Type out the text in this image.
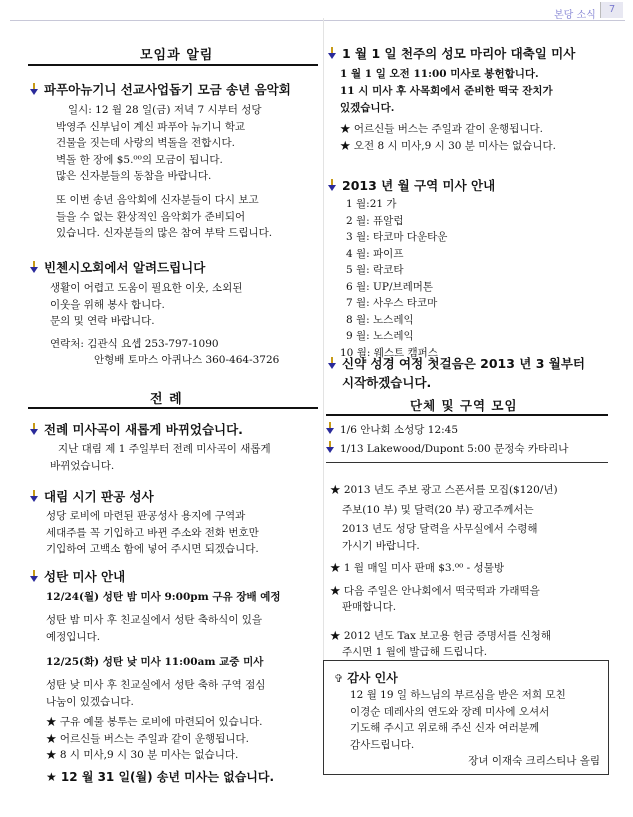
본당 소식
7
모임과 알림
파푸아뉴기니 선교사업돕기 모금 송년 음악회
일시: 12 월 28 일(금) 저녁 7 시부터 성당
박영주 신부님이 계신 파푸아 뉴기니 학교
건물을 짓는데 사랑의 벽돌을 전합시다.
벽돌 한 장에 $5.⁰⁰의 모금이 됩니다.
많은 신자분들의 동참을 바랍니다.
또 이번 송년 음악회에 신자분들이 다시 보고
들을 수 없는 환상적인 음악회가 준비되어
있습니다. 신자분들의 많은 참여 부탁 드립니다.
빈첸시오회에서 알려드립니다
생활이 어렵고 도움이 필요한 이웃, 소외된
이웃을 위해 봉사 합니다.
문의 및 연락 바랍니다.
연락처: 김관식 요셉 253-797-1090
안형배 토마스 아퀴나스 360-464-3726
전 례
전례 미사곡이 새롭게 바뀌었습니다.
지난 대림 제 1 주일부터 전례 미사곡이 새롭게
바뀌었습니다.
대림 시기 판공 성사
성당 로비에 마련된 판공성사 용지에 구역과
세대주를 꼭 기입하고 바뀐 주소와 전화 번호만
기입하여 고백소 함에 넣어 주시면 되겠습니다.
성탄 미사 안내
12/24(월) 성탄 밤 미사 9:00pm 구유 장배 예정
성탄 밤 미사 후 친교실에서 성탄 축하식이 있을
예정입니다.
12/25(화) 성탄 낮 미사 11:00am 교중 미사
성탄 낮 미사 후 친교실에서 성탄 축하 구역 점심
나눔이 있겠습니다.
★ 구유 예물 봉투는 로비에 마련되어 있습니다.
★ 어르신들 버스는 주일과 같이 운행됩니다.
★ 8 시 미사,9 시 30 분 미사는 없습니다.
★ 12 월 31 일(월) 송년 미사는 없습니다.
1 월 1 일 천주의 성모 마리아 대축일 미사
1 월 1 일 오전 11:00 미사로 봉헌합니다.
11 시 미사 후 사목회에서 준비한 떡국 잔치가
있겠습니다.
★ 어르신들 버스는 주일과 같이 운행됩니다.
★ 오전 8 시 미사,9 시 30 분 미사는 없습니다.
2013 년 월 구역 미사 안내
1 월:21 가
2 월: 퓨알럽
3 월: 타코마 다운타운
4 월: 파이프
5 월: 락코타
6 월: UP/브레머톤
7 월: 사우스 타코마
8 월: 노스레익
9 월: 노스레익
10 월: 웨스트 캠퍼스
신약 성경 여정 첫걸음은 2013 년 3 월부터
시작하겠습니다.
단체 및 구역 모임
1/6 안나회 소성당 12:45
1/13 Lakewood/Dupont 5:00 문정숙 카타리나
★ 2013 년도 주보 광고 스폰서를 모집($120/년)
주보(10 부) 및 달력(20 부) 광고주께서는
2013 년도 성당 달력을 사무실에서 수령해
가시기 바랍니다.
★ 1 월 매일 미사 판매 $3.⁰⁰ - 성물방
★ 다음 주일은 안나회에서 떡국떡과 가래떡을
판매합니다.
★ 2012 년도 Tax 보고용 헌금 증명서를 신청해
주시면 1 월에 발급해 드립니다.
✞ 감사 인사
12 월 19 일 하느님의 부르심을 받은 저희 모친
이경순 데레사의 연도와 장례 미사에 오셔서
기도해 주시고 위로해 주신 신자 여러분께
감사드립니다.
장녀 이재숙 크리스티나 올림
